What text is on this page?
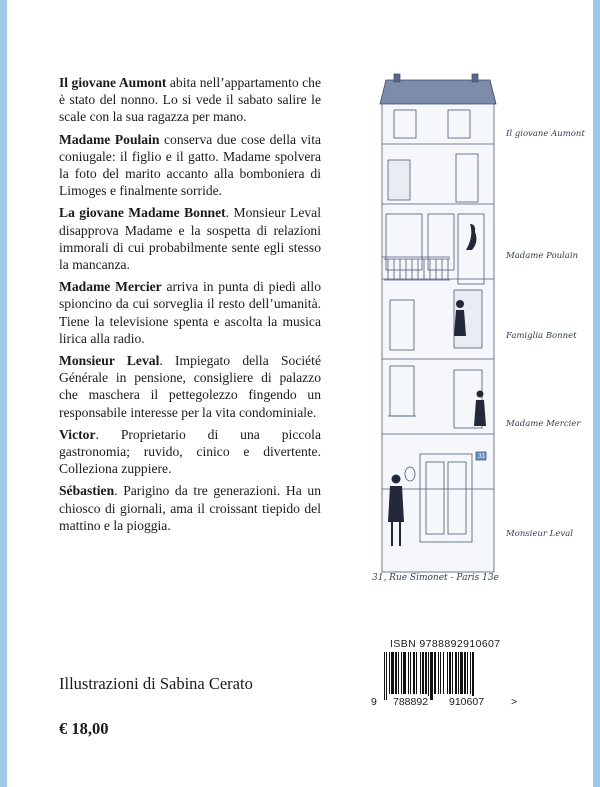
Il giovane Aumont abita nell’appartamento che è stato del nonno. Lo si vede il sabato salire le scale con la sua ragazza per mano.

Madame Poulain conserva due cose della vita coniugale: il figlio e il gatto. Madame spolvera la foto del marito accanto alla bomboniera di Limoges e finalmente sorride.

La giovane Madame Bonnet. Monsieur Leval disapprova Madame e la sospetta di relazioni immorali di cui probabilmente sente egli stesso la mancanza.

Madame Mercier arriva in punta di piedi allo spioncino da cui sorveglia il resto dell’umanità. Tiene la televisione spenta e ascolta la musica lirica alla radio.

Monsieur Leval. Impiegato della Société Générale in pensione, consigliere di palazzo che maschera il pettegolezzo fingendo un responsabile interesse per la vita condominiale.

Victor. Proprietario di una piccola gastronomia; ruvido, cinico e divertente. Colleziona zuppiere.

Sébastien. Parigino da tre generazioni. Ha un chiosco di giornali, ama il croissant tiepido del mattino e la pioggia.

Il giovane Aumont
Madame Poulain
Famiglia Bonnet
Madame Mercier
Monsieur Leval
31
31, Rue Simonet - Paris 13e
Illustrazioni di Sabina Cerato
€ 18,00
ISBN 9788892910607
9 788892 910607	>
